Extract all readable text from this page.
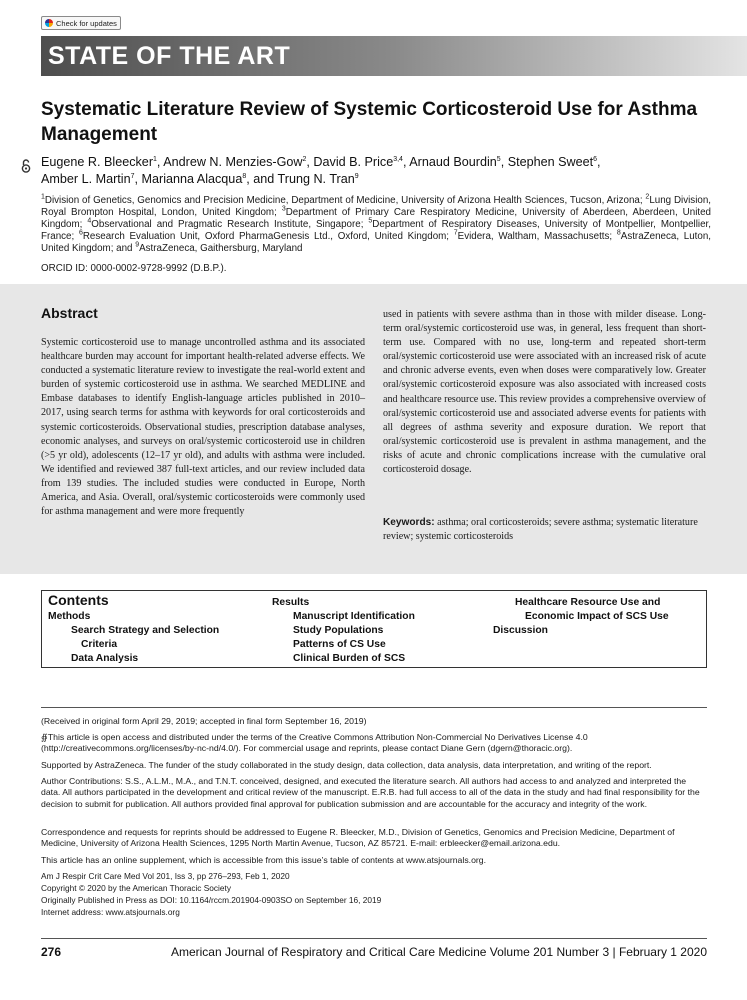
Check for updates
STATE OF THE ART
Systematic Literature Review of Systemic Corticosteroid Use for Asthma Management
Eugene R. Bleecker$^1$, Andrew N. Menzies-Gow$^2$, David B. Price$^{3,4}$, Arnaud Bourdin$^5$, Stephen Sweet$^6$,
Amber L. Martin$^7$, Marianna Alacqua$^8$, and Trung N. Tran$^9$
$^1$Division of Genetics, Genomics and Precision Medicine, Department of Medicine, University of Arizona Health Sciences, Tucson, Arizona; $^2$Lung Division, Royal Brompton Hospital, London, United Kingdom; $^3$Department of Primary Care Respiratory Medicine, University of Aberdeen, Aberdeen, United Kingdom; $^4$Observational and Pragmatic Research Institute, Singapore; $^5$Department of Respiratory Diseases, University of Montpellier, Montpellier, France; $^6$Research Evaluation Unit, Oxford PharmaGenesis Ltd., Oxford, United Kingdom; $^7$Evidera, Waltham, Massachusetts; $^8$AstraZeneca, Luton, United Kingdom; and $^9$AstraZeneca, Gaithersburg, Maryland
ORCID ID: 0000-0002-9728-9992 (D.B.P.).
Abstract
Systemic corticosteroid use to manage uncontrolled asthma and its associated healthcare burden may account for important health-related adverse effects. We conducted a systematic literature review to investigate the real-world extent and burden of systemic corticosteroid use in asthma. We searched MEDLINE and Embase databases to identify English-language articles published in 2010–2017, using search terms for asthma with keywords for oral corticosteroids and systemic corticosteroids. Observational studies, prescription database analyses, economic analyses, and surveys on oral/systemic corticosteroid use in children (>5 yr old), adolescents (12–17 yr old), and adults with asthma were included. We identified and reviewed 387 full-text articles, and our review included data from 139 studies. The included studies were conducted in Europe, North America, and Asia. Overall, oral/systemic corticosteroids were commonly used for asthma management and were more frequently
used in patients with severe asthma than in those with milder disease. Long-term oral/systemic corticosteroid use was, in general, less frequent than short-term use. Compared with no use, long-term and repeated short-term oral/systemic corticosteroid use were associated with an increased risk of acute and chronic adverse events, even when doses were comparatively low. Greater oral/systemic corticosteroid exposure was also associated with increased costs and healthcare resource use. This review provides a comprehensive overview of oral/systemic corticosteroid use and associated adverse events for patients with all degrees of asthma severity and exposure duration. We report that oral/systemic corticosteroid use is prevalent in asthma management, and the risks of acute and chronic complications increase with the cumulative oral corticosteroid dosage.
Keywords: asthma; oral corticosteroids; severe asthma; systematic literature review; systemic corticosteroids
Contents
Methods
Search Strategy and Selection
Criteria
Data Analysis
Results
Manuscript Identification
Study Populations
Patterns of CS Use
Clinical Burden of SCS
Healthcare Resource Use and
Economic Impact of SCS Use
Discussion
(Received in original form April 29, 2019; accepted in final form September 16, 2019)
∯This article is open access and distributed under the terms of the Creative Commons Attribution Non-Commercial No Derivatives License 4.0 (http://creativecommons.org/licenses/by-nc-nd/4.0/). For commercial usage and reprints, please contact Diane Gern (dgern@thoracic.org).
Supported by AstraZeneca. The funder of the study collaborated in the study design, data collection, data analysis, data interpretation, and writing of the report.
Author Contributions: S.S., A.L.M., M.A., and T.N.T. conceived, designed, and executed the literature search. All authors had access to and analyzed and interpreted the data. All authors participated in the development and critical review of the manuscript. E.R.B. had full access to all of the data in the study and had final responsibility for the decision to submit for publication. All authors provided final approval for publication submission and are accountable for the accuracy and integrity of the work.
Correspondence and requests for reprints should be addressed to Eugene R. Bleecker, M.D., Division of Genetics, Genomics and Precision Medicine, Department of Medicine, University of Arizona Health Sciences, 1295 North Martin Avenue, Tucson, AZ 85721. E-mail: erbleecker@email.arizona.edu.
This article has an online supplement, which is accessible from this issue’s table of contents at www.atsjournals.org.
Am J Respir Crit Care Med Vol 201, Iss 3, pp 276–293, Feb 1, 2020
Copyright © 2020 by the American Thoracic Society
Originally Published in Press as DOI: 10.1164/rccm.201904-0903SO on September 16, 2019
Internet address: www.atsjournals.org
276	American Journal of Respiratory and Critical Care Medicine Volume 201 Number 3 | February 1 2020
